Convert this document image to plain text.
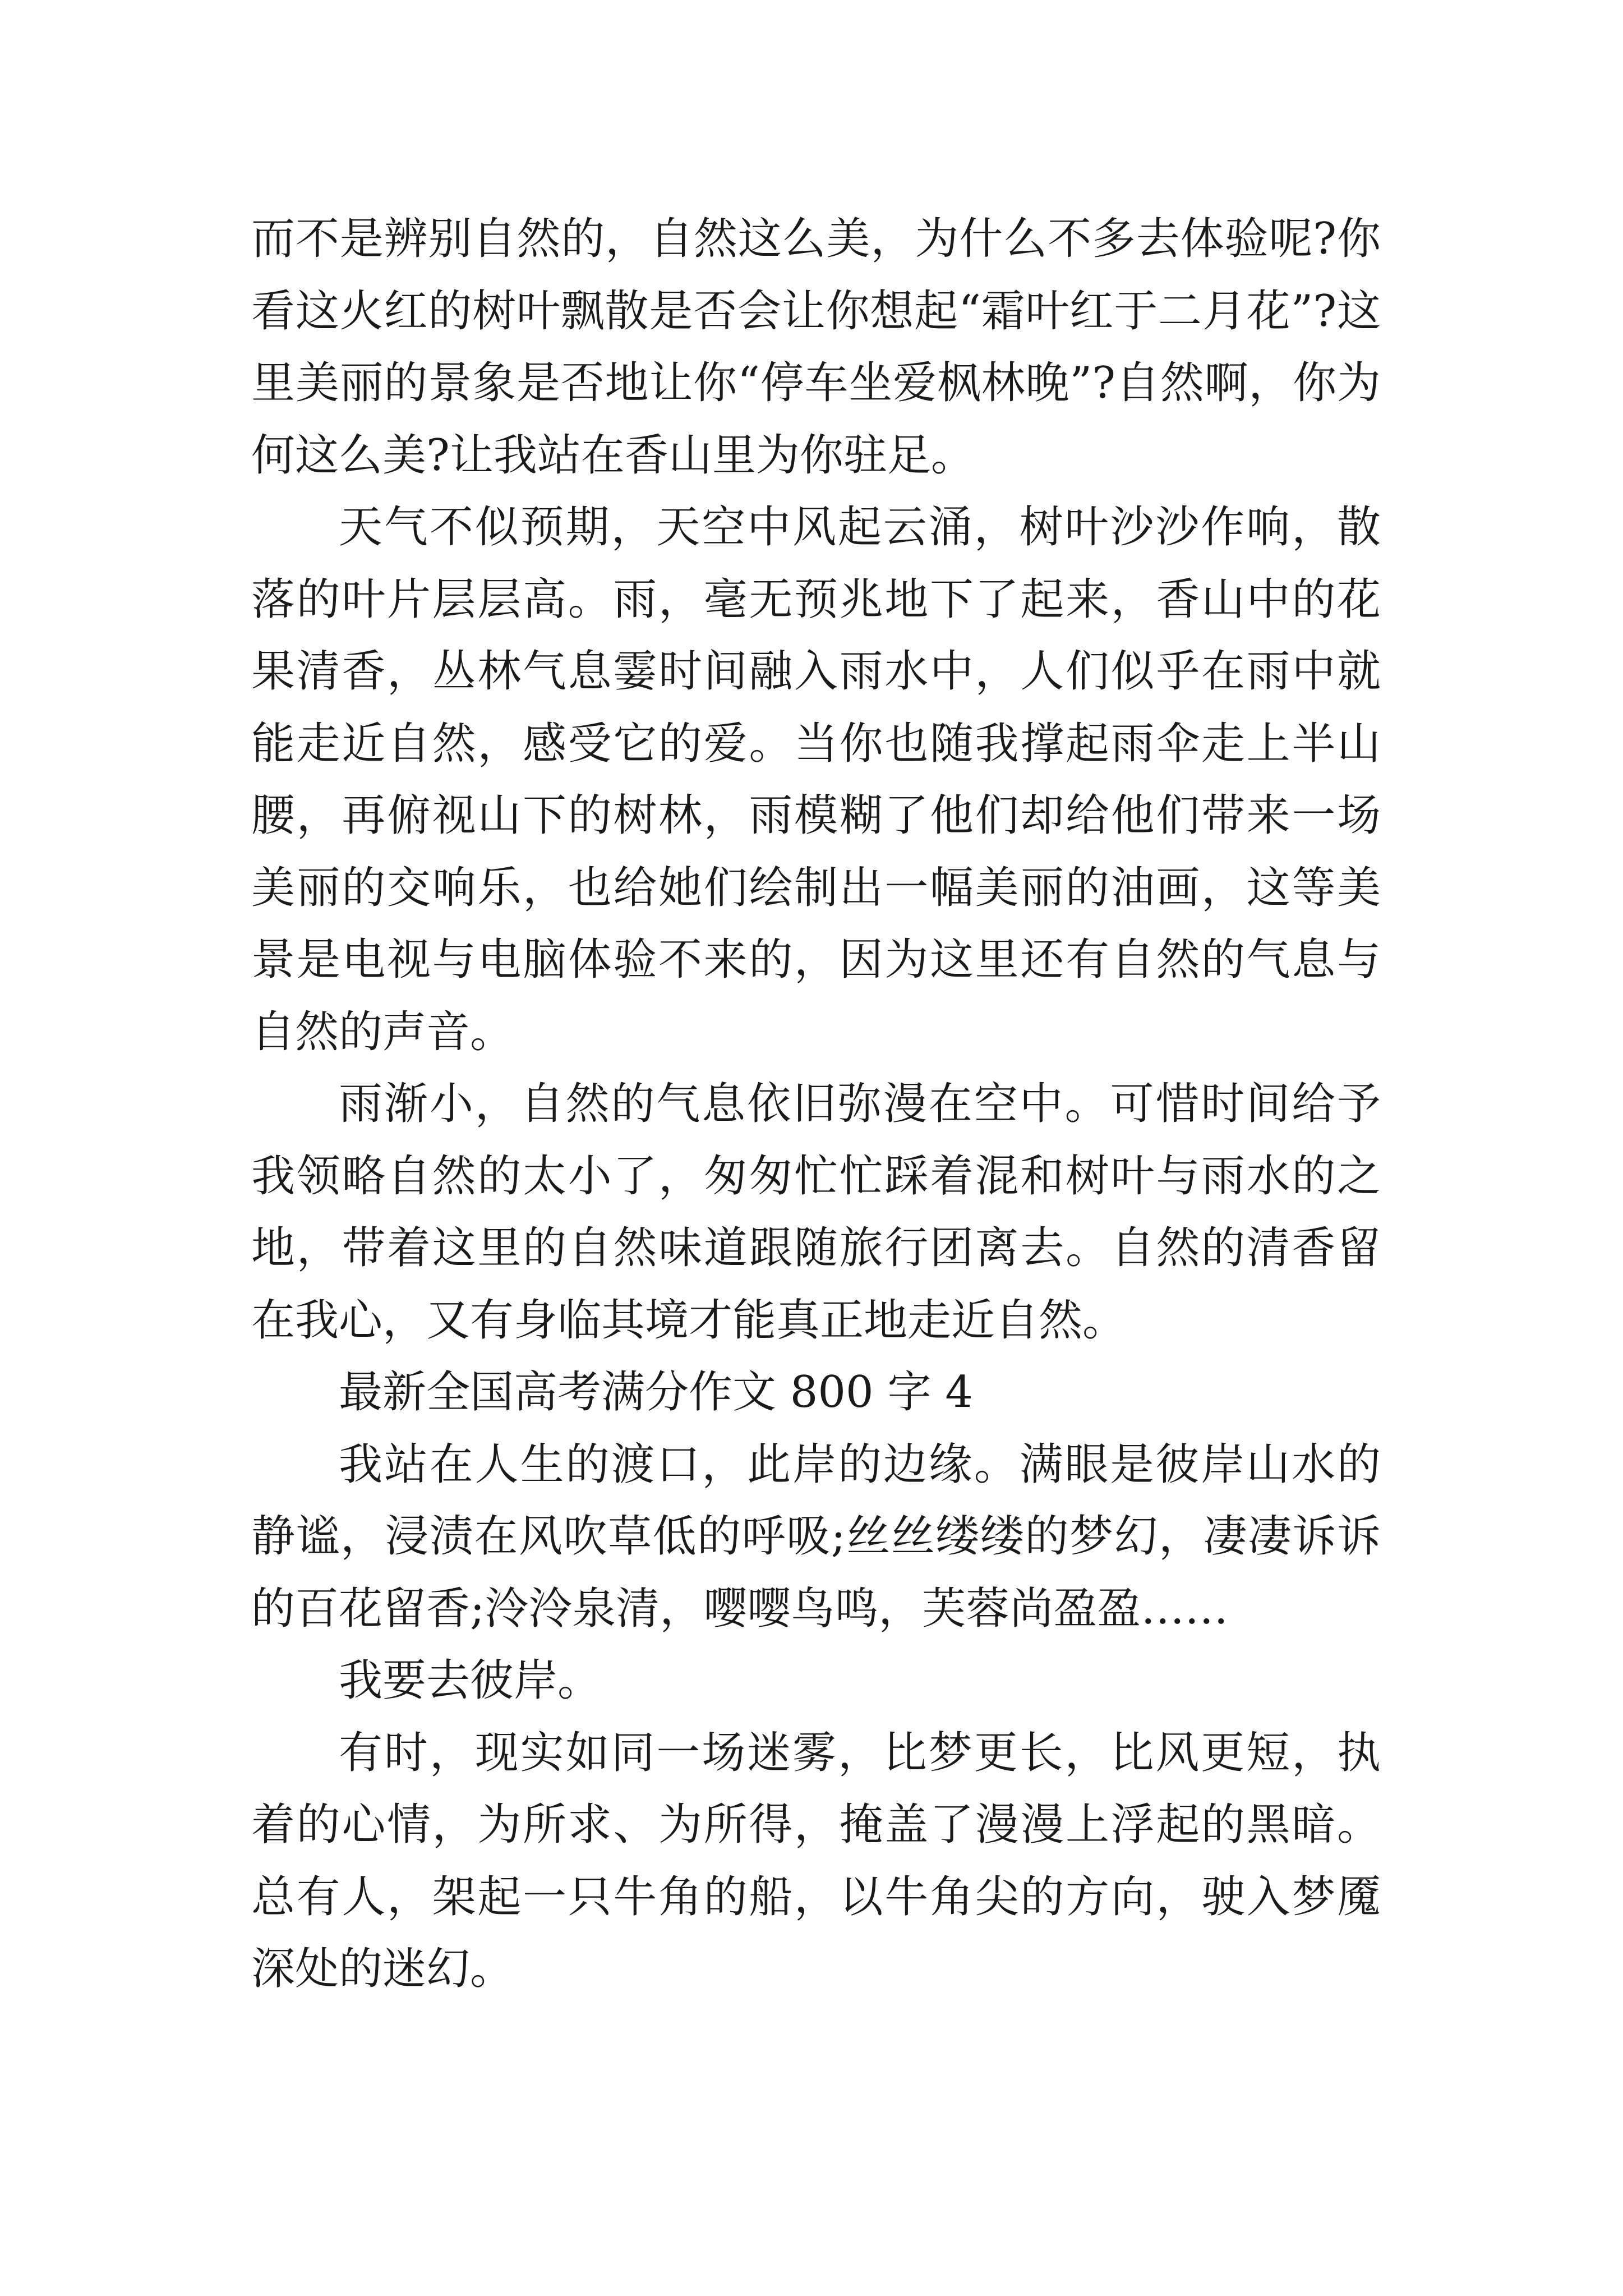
而不是辨别自然的，自然这么美，为什么不多去体验呢?你看这火红的树叶飘散是否会让你想起“霜叶红于二月花”?这里美丽的景象是否地让你“停车坐爱枫林晚”?自然啊，你为何这么美?让我站在香山里为你驻足。

天气不似预期，天空中风起云涌，树叶沙沙作响，散落的叶片层层高。雨，毫无预兆地下了起来，香山中的花果清香，丛林气息霎时间融入雨水中，人们似乎在雨中就能走近自然，感受它的爱。当你也随我撑起雨伞走上半山腰，再俯视山下的树林，雨模糊了他们却给他们带来一场美丽的交响乐，也给她们绘制出一幅美丽的油画，这等美景是电视与电脑体验不来的，因为这里还有自然的气息与自然的声音。

雨渐小，自然的气息依旧弥漫在空中。可惜时间给予我领略自然的太小了，匆匆忙忙踩着混和树叶与雨水的之地，带着这里的自然味道跟随旅行团离去。自然的清香留在我心，又有身临其境才能真正地走近自然。

最新全国高考满分作文 800 字 4

我站在人生的渡口，此岸的边缘。满眼是彼岸山水的静谧，浸渍在风吹草低的呼吸;丝丝缕缕的梦幻，凄凄诉诉的百花留香;泠泠泉清，嘤嘤鸟鸣，芙蓉尚盈盈……

我要去彼岸。

有时，现实如同一场迷雾，比梦更长，比风更短，执着的心情，为所求、为所得，掩盖了漫漫上浮起的黑暗。总有人，架起一只牛角的船，以牛角尖的方向，驶入梦魇深处的迷幻。
